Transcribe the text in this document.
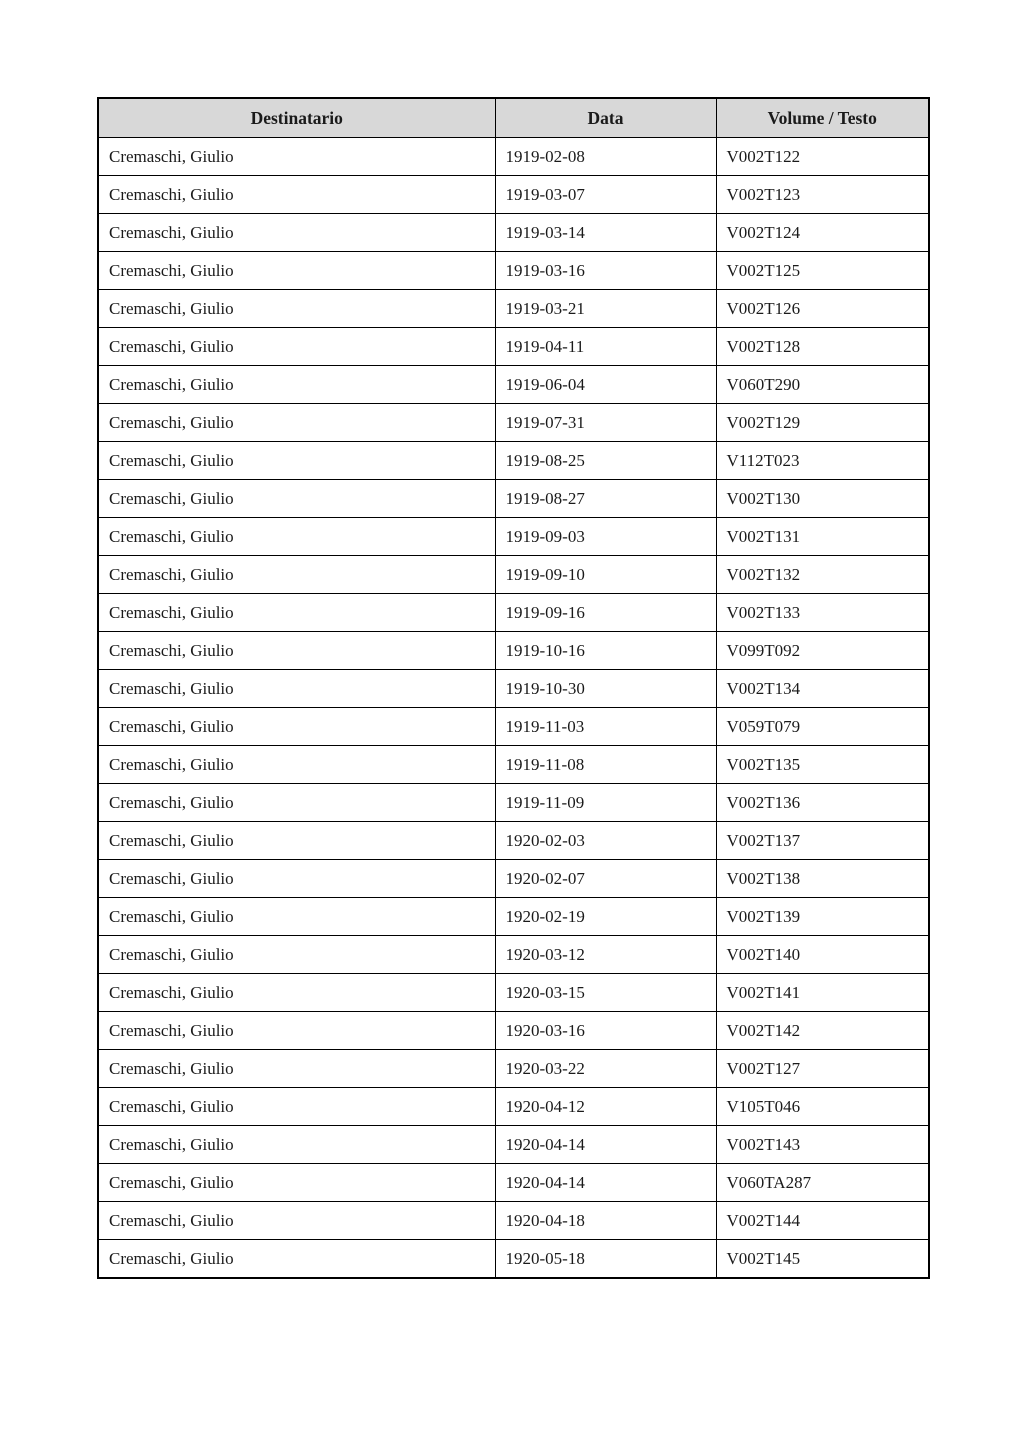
Destinatario	Data	Volume / Testo
Cremaschi, Giulio	1919-02-08	V002T122
Cremaschi, Giulio	1919-03-07	V002T123
Cremaschi, Giulio	1919-03-14	V002T124
Cremaschi, Giulio	1919-03-16	V002T125
Cremaschi, Giulio	1919-03-21	V002T126
Cremaschi, Giulio	1919-04-11	V002T128
Cremaschi, Giulio	1919-06-04	V060T290
Cremaschi, Giulio	1919-07-31	V002T129
Cremaschi, Giulio	1919-08-25	V112T023
Cremaschi, Giulio	1919-08-27	V002T130
Cremaschi, Giulio	1919-09-03	V002T131
Cremaschi, Giulio	1919-09-10	V002T132
Cremaschi, Giulio	1919-09-16	V002T133
Cremaschi, Giulio	1919-10-16	V099T092
Cremaschi, Giulio	1919-10-30	V002T134
Cremaschi, Giulio	1919-11-03	V059T079
Cremaschi, Giulio	1919-11-08	V002T135
Cremaschi, Giulio	1919-11-09	V002T136
Cremaschi, Giulio	1920-02-03	V002T137
Cremaschi, Giulio	1920-02-07	V002T138
Cremaschi, Giulio	1920-02-19	V002T139
Cremaschi, Giulio	1920-03-12	V002T140
Cremaschi, Giulio	1920-03-15	V002T141
Cremaschi, Giulio	1920-03-16	V002T142
Cremaschi, Giulio	1920-03-22	V002T127
Cremaschi, Giulio	1920-04-12	V105T046
Cremaschi, Giulio	1920-04-14	V002T143
Cremaschi, Giulio	1920-04-14	V060TA287
Cremaschi, Giulio	1920-04-18	V002T144
Cremaschi, Giulio	1920-05-18	V002T145
